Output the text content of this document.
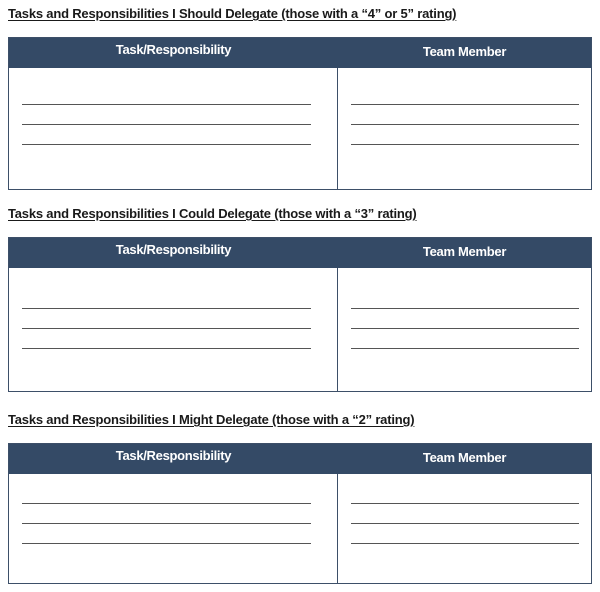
Tasks and Responsibilities I Should Delegate (those with a “4” or 5” rating)
Task/Responsibility	Team Member
Tasks and Responsibilities I Could Delegate (those with a “3” rating)
Task/Responsibility	Team Member
Tasks and Responsibilities I Might Delegate (those with a “2” rating)
Task/Responsibility	Team Member
